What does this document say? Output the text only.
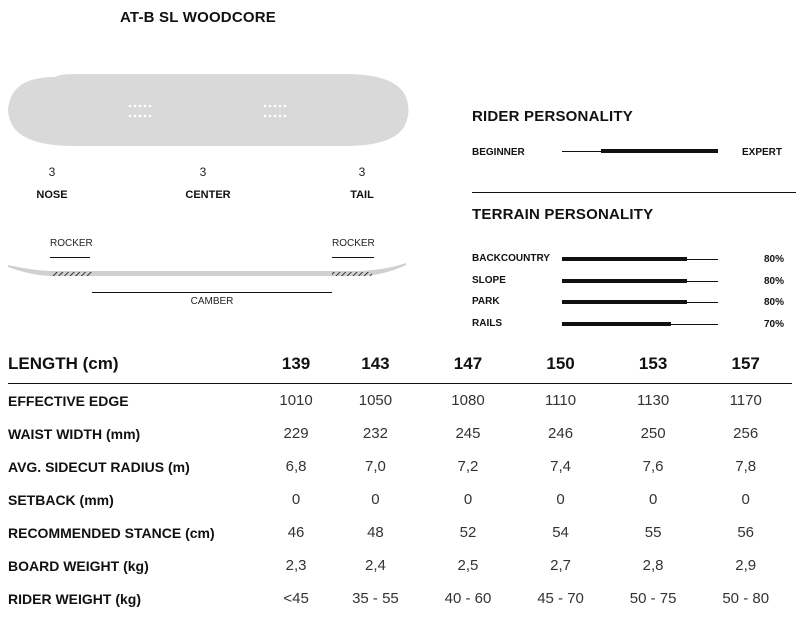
AT-B SL WOODCORE
3	3	3
NOSE	CENTER	TAIL
ROCKER	ROCKER
CAMBER
RIDER PERSONALITY
BEGINNER	EXPERT
TERRAIN PERSONALITY
BACKCOUNTRY	80%
SLOPE	80%
PARK	80%
RAILS	70%
LENGTH (cm)	139	143	147	150	153	157
EFFECTIVE EDGE	1010	1050	1080	1110	1130	1170
WAIST WIDTH (mm)	229	232	245	246	250	256
AVG. SIDECUT RADIUS (m)	6,8	7,0	7,2	7,4	7,6	7,8
SETBACK (mm)	0	0	0	0	0	0
RECOMMENDED STANCE (cm)	46	48	52	54	55	56
BOARD WEIGHT (kg)	2,3	2,4	2,5	2,7	2,8	2,9
RIDER WEIGHT (kg)	<45	35 - 55	40 - 60	45 - 70	50 - 75	50 - 80
